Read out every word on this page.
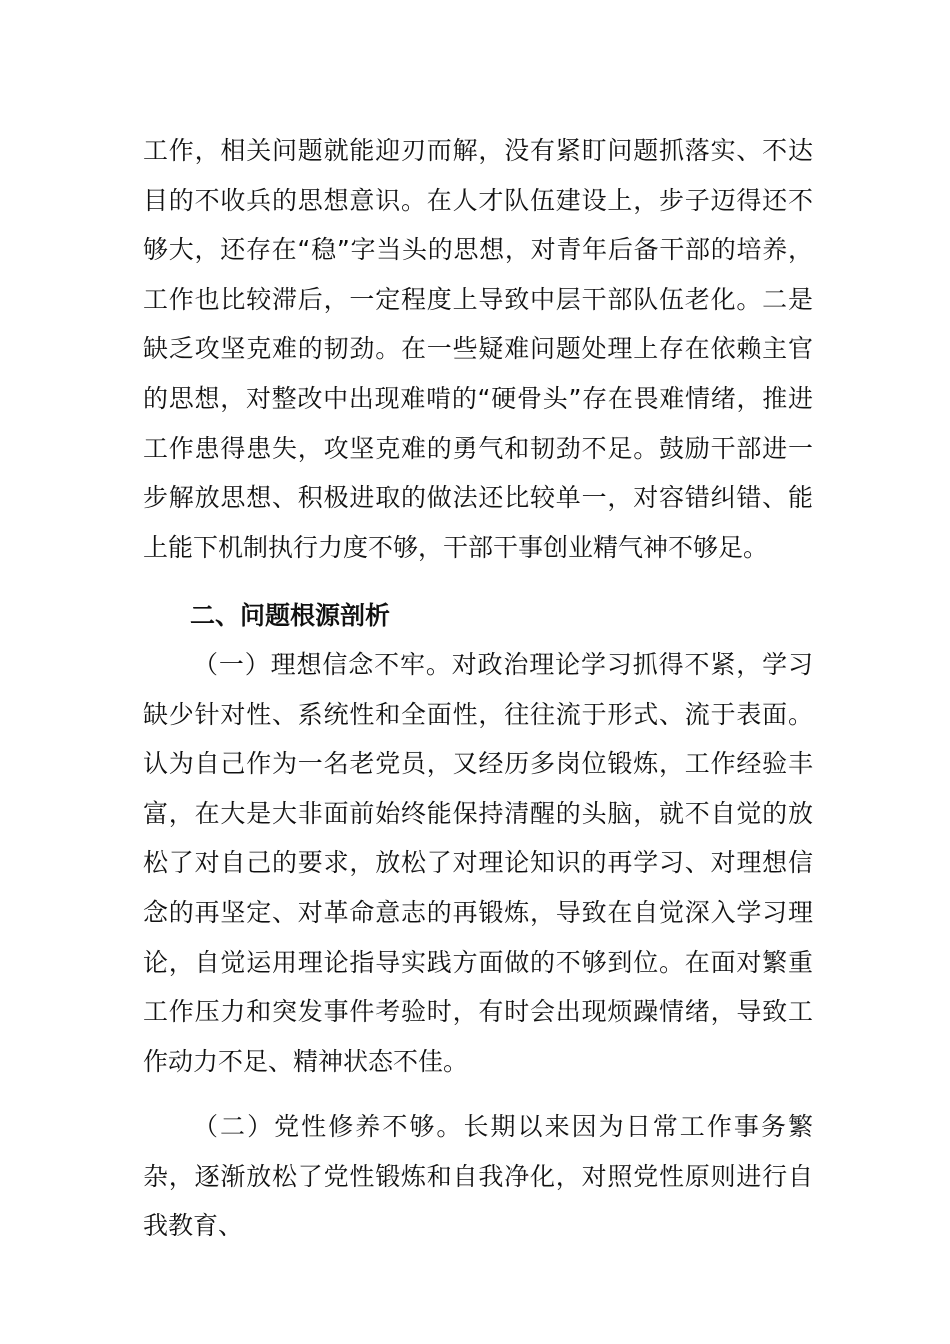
工作，相关问题就能迎刃而解，没有紧盯问题抓落实、不达目的不收兵的思想意识。在人才队伍建设上，步子迈得还不够大，还存在“稳”字当头的思想，对青年后备干部的培养，工作也比较滞后，一定程度上导致中层干部队伍老化。二是缺乏攻坚克难的韧劲。在一些疑难问题处理上存在依赖主官的思想，对整改中出现难啃的“硬骨头”存在畏难情绪，推进工作患得患失，攻坚克难的勇气和韧劲不足。鼓励干部进一步解放思想、积极进取的做法还比较单一，对容错纠错、能上能下机制执行力度不够，干部干事创业精气神不够足。
二、问题根源剖析
（一）理想信念不牢。对政治理论学习抓得不紧，学习缺少针对性、系统性和全面性，往往流于形式、流于表面。认为自己作为一名老党员，又经历多岗位锻炼，工作经验丰富，在大是大非面前始终能保持清醒的头脑，就不自觉的放松了对自己的要求，放松了对理论知识的再学习、对理想信念的再坚定、对革命意志的再锻炼，导致在自觉深入学习理论，自觉运用理论指导实践方面做的不够到位。在面对繁重工作压力和突发事件考验时，有时会出现烦躁情绪，导致工作动力不足、精神状态不佳。
（二）党性修养不够。长期以来因为日常工作事务繁杂，逐渐放松了党性锻炼和自我净化，对照党性原则进行自我教育、
